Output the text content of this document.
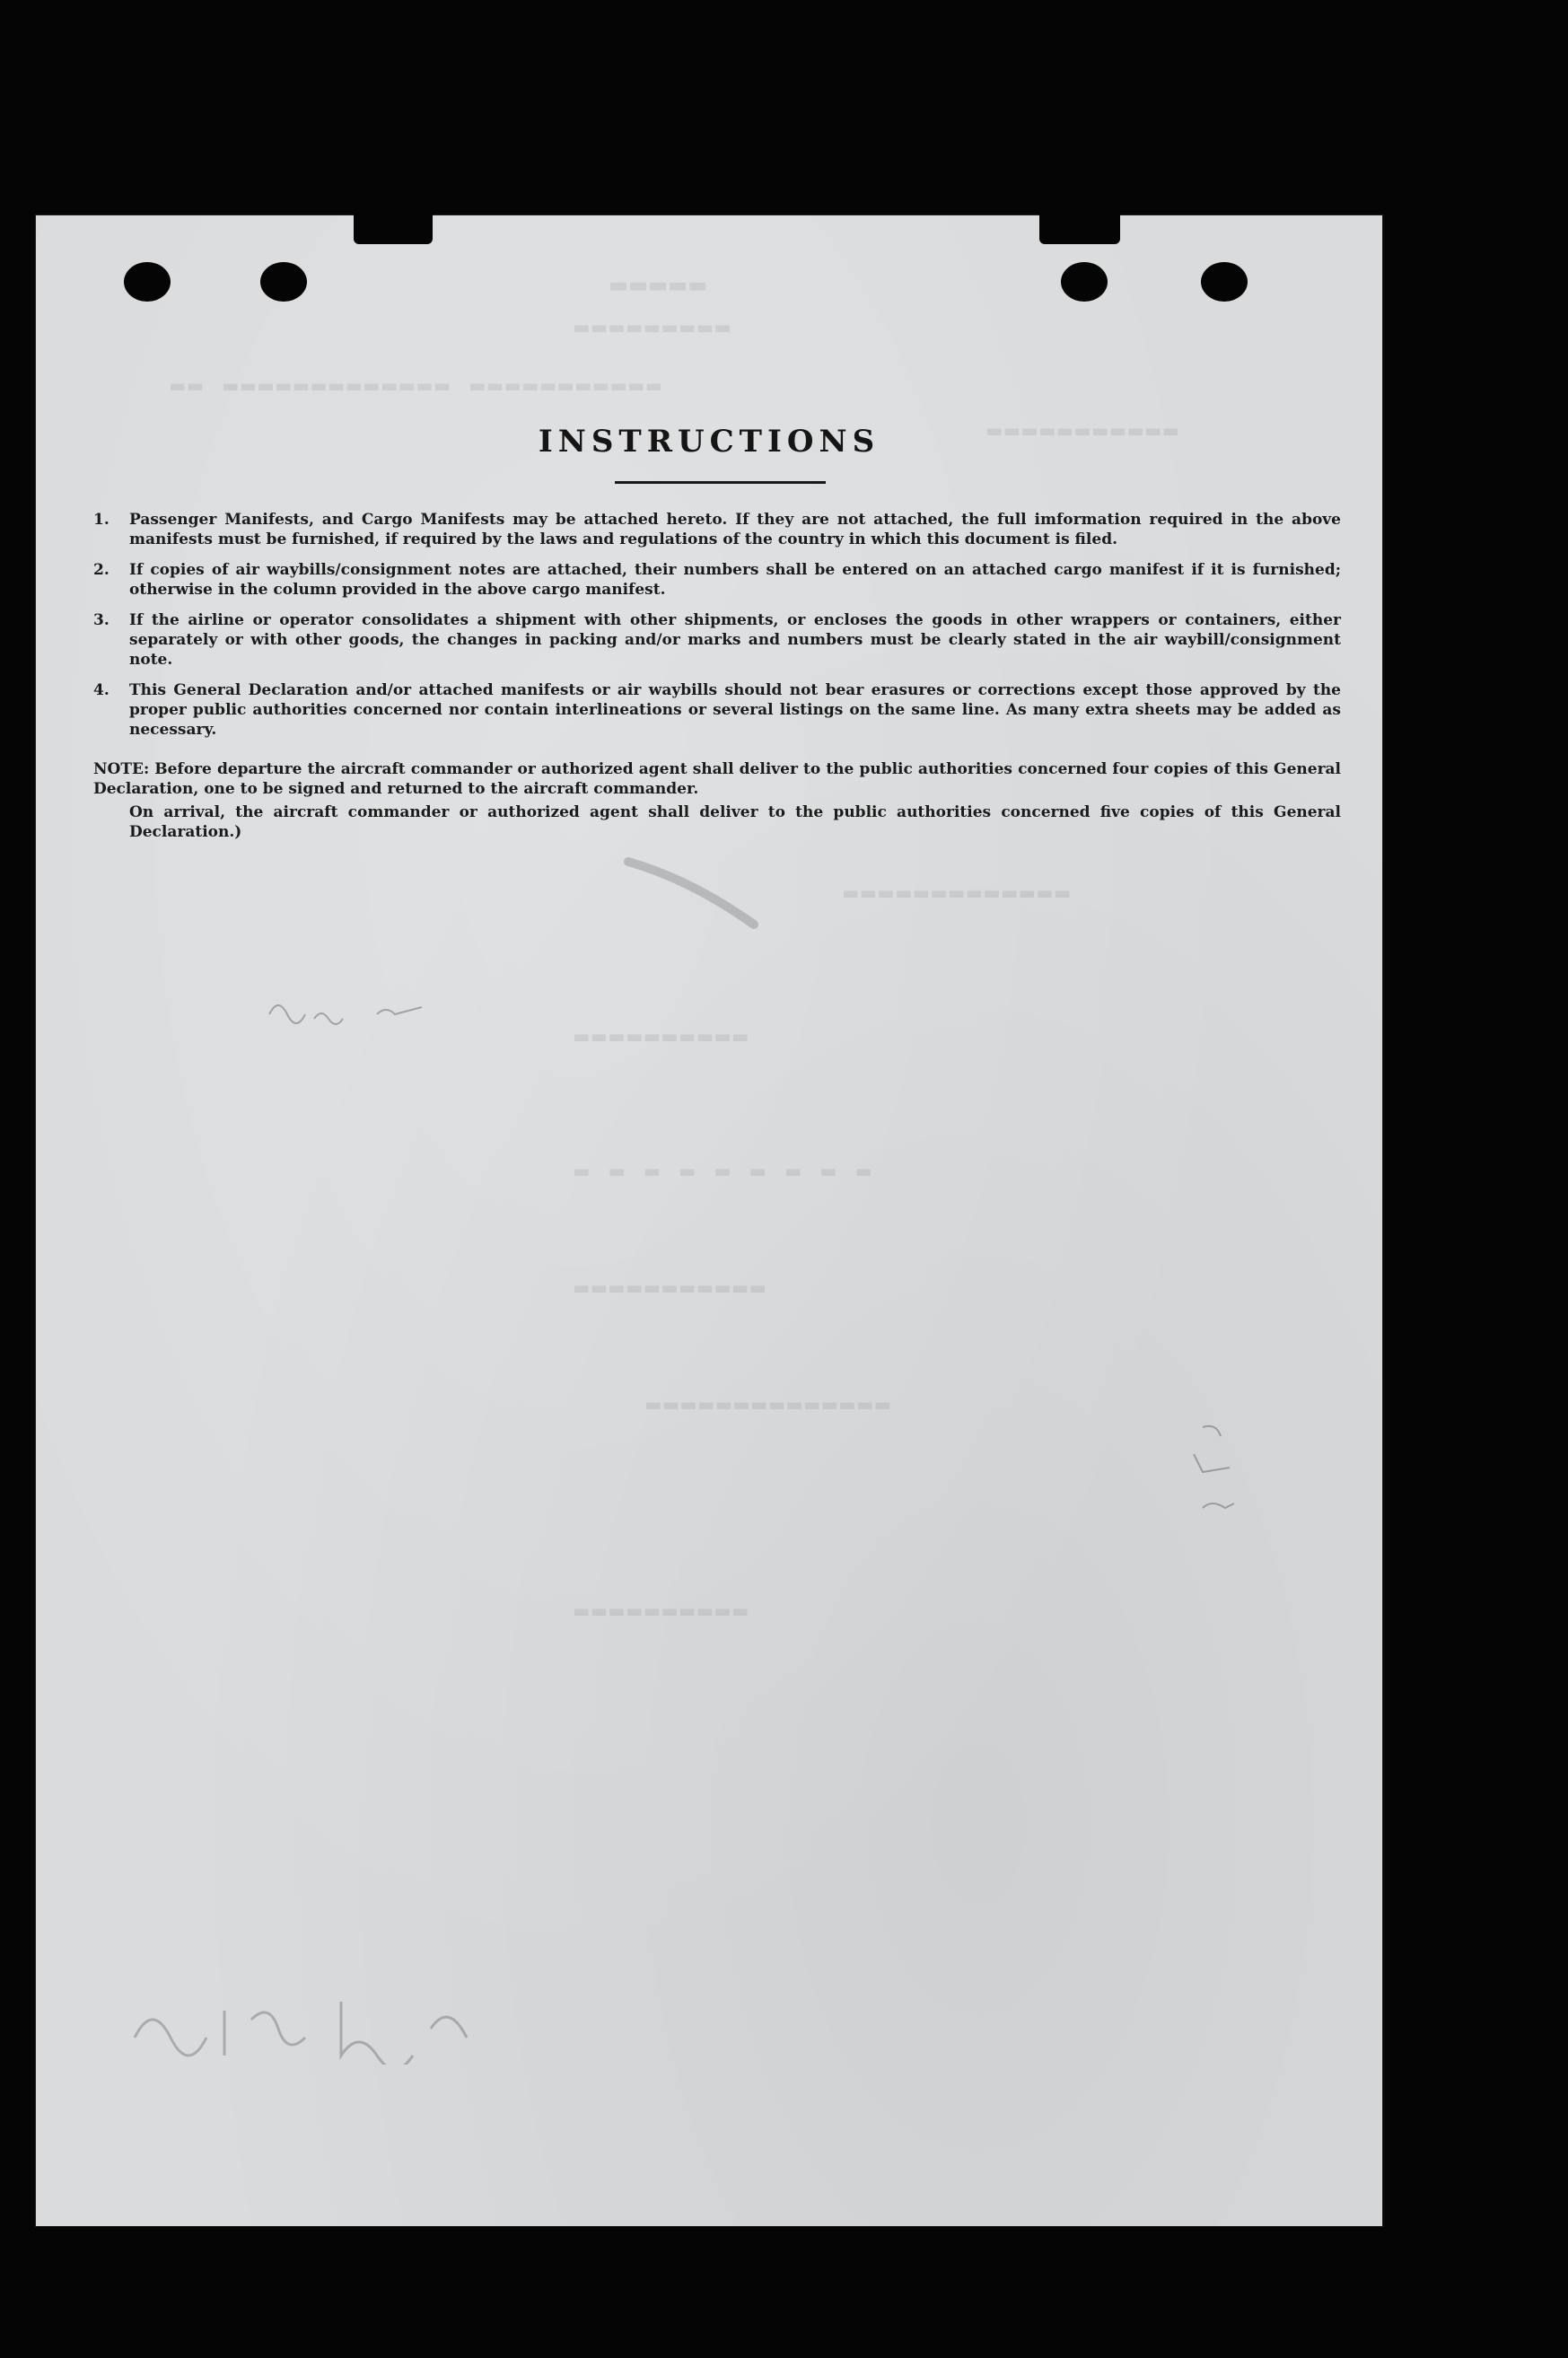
▬▬▬▬▬
▬▬▬▬▬▬▬▬▬
▬▬ ▬▬▬▬▬▬▬▬▬▬▬▬▬ ▬▬▬▬▬▬▬▬▬▬▬
▬▬▬▬▬▬▬▬▬▬▬
▬▬▬▬▬▬▬▬▬▬▬▬▬
▬▬▬▬▬▬▬▬▬▬
▬ ▬ ▬ ▬ ▬ ▬ ▬ ▬ ▬
▬▬▬▬▬▬▬▬▬▬▬
▬▬▬▬▬▬▬▬▬▬▬▬▬▬
▬▬▬▬▬▬▬▬▬▬
INSTRUCTIONS
1. Passenger Manifests, and Cargo Manifests may be attached hereto. If they are not attached, the full imformation required in the above manifests must be furnished, if required by the laws and regulations of the country in which this document is filed.
2. If copies of air waybills/consignment notes are attached, their numbers shall be entered on an attached cargo manifest if it is furnished; otherwise in the column provided in the above cargo manifest.
3. If the airline or operator consolidates a shipment with other shipments, or encloses the goods in other wrappers or containers, either separately or with other goods, the changes in packing and/or marks and numbers must be clearly stated in the air waybill/consignment note.
4. This General Declaration and/or attached manifests or air waybills should not bear erasures or corrections except those approved by the proper public authorities concerned nor contain interlineations or several listings on the same line. As many extra sheets may be added as necessary.
NOTE: Before departure the aircraft commander or authorized agent shall deliver to the public authorities concerned four copies of this General Declaration, one to be signed and returned to the aircraft commander.
On arrival, the aircraft commander or authorized agent shall deliver to the public authorities concerned five copies of this General Declaration.)
